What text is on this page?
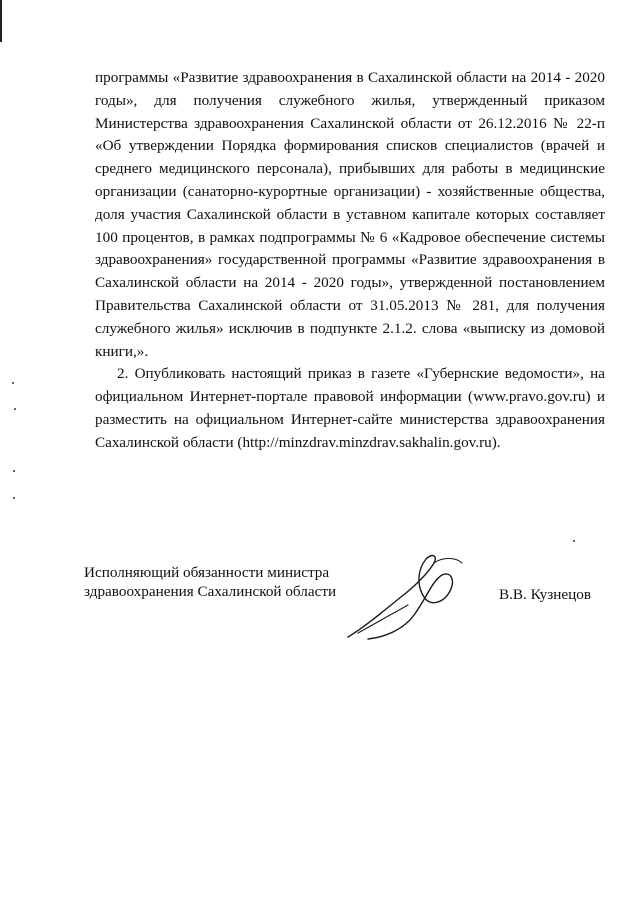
программы «Развитие здравоохранения в Сахалинской области на 2014 - 2020 годы», для получения служебного жилья, утвержденный приказом Министерства здравоохранения Сахалинской области от 26.12.2016 № 22-п «Об утверждении Порядка формирования списков специалистов (врачей и среднего медицинского персонала), прибывших для работы в медицинские организации (санаторно-курортные организации) - хозяйственные общества, доля участия Сахалинской области в уставном капитале которых составляет 100 процентов, в рамках подпрограммы № 6 «Кадровое обеспечение системы здравоохранения» государственной программы «Развитие здравоохранения в Сахалинской области на 2014 - 2020 годы», утвержденной постановлением Правительства Сахалинской области от 31.05.2013 № 281, для получения служебного жилья» исключив в подпункте 2.1.2. слова «выписку из домовой книги,».

2. Опубликовать настоящий приказ в газете «Губернские ведомости», на официальном Интернет-портале правовой информации (www.pravo.gov.ru) и разместить на официальном Интернет-сайте министерства здравоохранения Сахалинской области (http://minzdrav.minzdrav.sakhalin.gov.ru).

Исполняющий обязанности министра
здравоохранения Сахалинской области	В.В. Кузнецов
